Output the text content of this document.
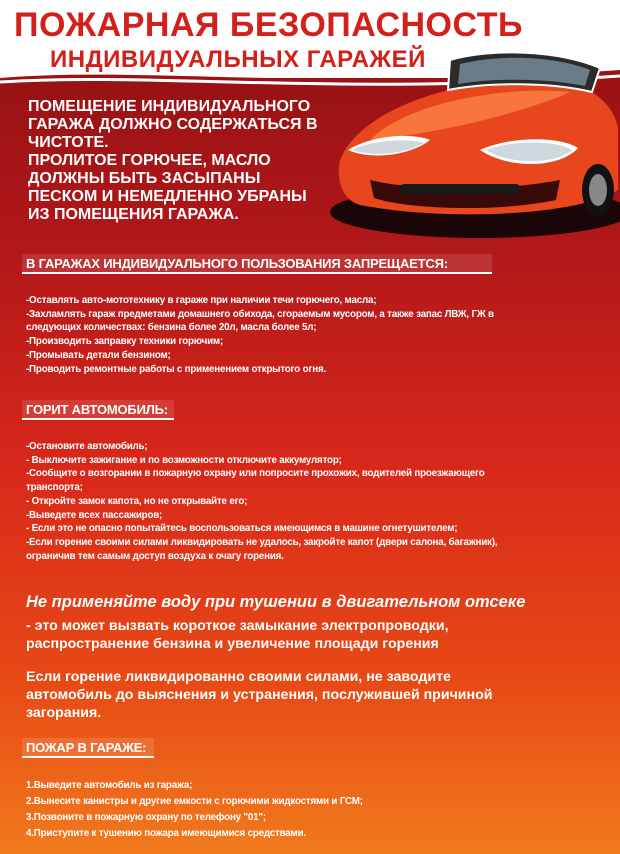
ПОЖАРНАЯ БЕЗОПАСНОСТЬ
ИНДИВИДУАЛЬНЫХ ГАРАЖЕЙ

ПОМЕЩЕНИЕ ИНДИВИДУАЛЬНОГО

ГАРАЖА ДОЛЖНО СОДЕРЖАТЬСЯ В

ЧИСТОТЕ.

ПРОЛИТОЕ ГОРЮЧЕЕ, МАСЛО

ДОЛЖНЫ БЫТЬ ЗАСЫПАНЫ

ПЕСКОМ И НЕМЕДЛЕННО УБРАНЫ

ИЗ ПОМЕЩЕНИЯ ГАРАЖА.

В ГАРАЖАХ ИНДИВИДУАЛЬНОГО ПОЛЬЗОВАНИЯ ЗАПРЕЩАЕТСЯ:
-Оставлять авто-мототехнику в гараже при наличии течи горючего, масла;
-Захламлять гараж предметами домашнего обихода, сгораемым мусором, а также запас ЛВЖ, ГЖ в
следующих количествах: бензина более 20л, масла более 5л;
-Производить заправку техники горючим;
-Промывать детали бензином;
-Проводить ремонтные работы с применением открытого огня.
ГОРИТ АВТОМОБИЛЬ:
-Остановите автомобиль;
- Выключите зажигание и по возможности отключите аккумулятор;
-Сообщите о возгорании в пожарную охрану или попросите прохожих, водителей проезжающего
транспорта;
- Откройте замок капота, но не открывайте его;
-Выведете всех пассажиров;
- Если это не опасно попытайтесь воспользоваться имеющимся в машине огнетушителем;
-Если горение своими силами ликвидировать не удалось, закройте капот (двери салона, багажник),
ограничив тем самым доступ воздуха к очагу горения.
Не применяйте воду при тушении в двигательном отсеке
- это может вызвать короткое замыкание электропроводки,
распространение бензина и увеличение площади горения
Если горение ликвидированно своими силами, не заводите
автомобиль до выяснения и устранения, послужившей причиной
загорания.
ПОЖАР В ГАРАЖЕ:
1.Выведите автомобиль из гаража;
2.Вынесите канистры и другие емкости с горючими жидкостями и ГСМ;
3.Позвоните в пожарную охрану по телефону "01";
4.Приступите к тушению пожара имеющимися средствами.
